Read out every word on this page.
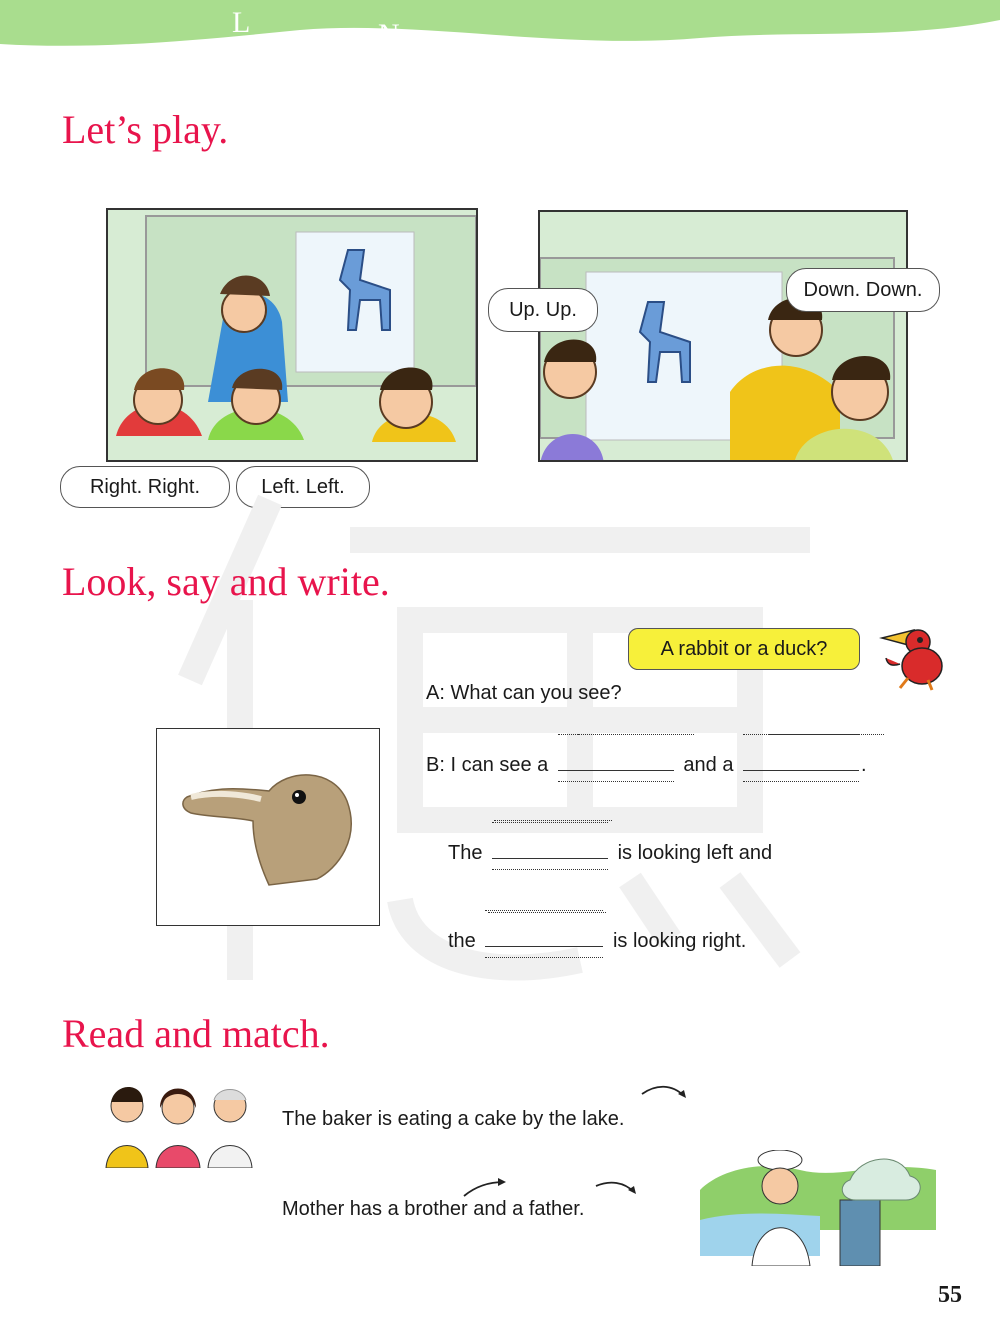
L	N
Let’s play.
Right. Right.	Left. Left.
Up. Up.
Down. Down.
Look, say and write.
A rabbit or a duck?
A: What can you see?
B: I can see a	and a	.
The	is looking left and
the	is looking right.
Read and match.
The baker is eating a cake by the lake.
Mother has a brother and a father.
55
